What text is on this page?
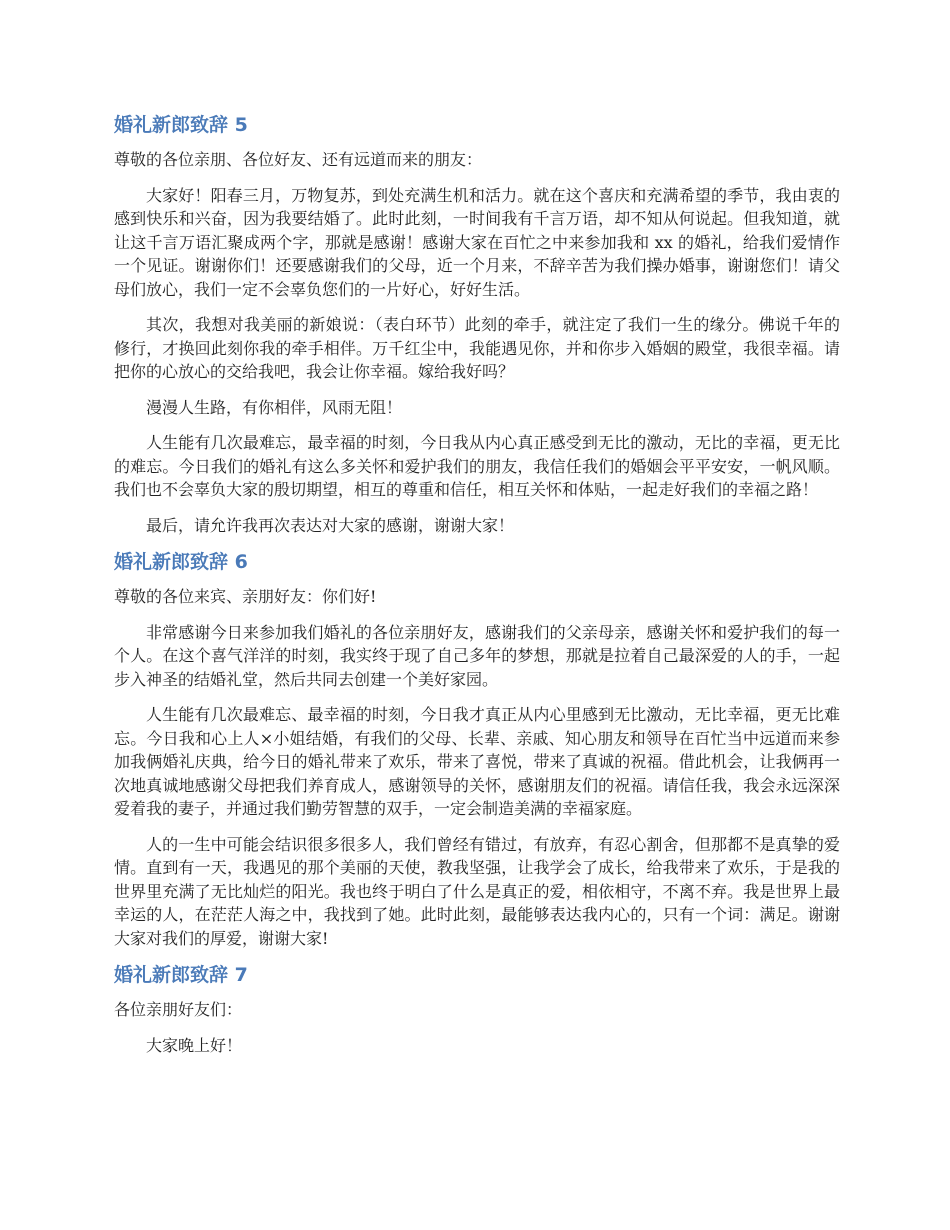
婚礼新郎致辞 5

尊敬的各位亲朋、各位好友、还有远道而来的朋友：

大家好！阳春三月，万物复苏，到处充满生机和活力。就在这个喜庆和充满希望的季节，我由衷的感到快乐和兴奋，因为我要结婚了。此时此刻，一时间我有千言万语，却不知从何说起。但我知道，就让这千言万语汇聚成两个字，那就是感谢！感谢大家在百忙之中来参加我和 xx 的婚礼，给我们爱情作一个见证。谢谢你们！还要感谢我们的父母，近一个月来，不辞辛苦为我们操办婚事，谢谢您们！请父母们放心，我们一定不会辜负您们的一片好心，好好生活。

其次，我想对我美丽的新娘说：（表白环节）此刻的牵手，就注定了我们一生的缘分。佛说千年的修行，才换回此刻你我的牵手相伴。万千红尘中，我能遇见你，并和你步入婚姻的殿堂，我很幸福。请把你的心放心的交给我吧，我会让你幸福。嫁给我好吗？

漫漫人生路，有你相伴，风雨无阻！

人生能有几次最难忘，最幸福的时刻，今日我从内心真正感受到无比的激动，无比的幸福，更无比的难忘。今日我们的婚礼有这么多关怀和爱护我们的朋友，我信任我们的婚姻会平平安安，一帆风顺。我们也不会辜负大家的殷切期望，相互的尊重和信任，相互关怀和体贴，一起走好我们的幸福之路！

最后，请允许我再次表达对大家的感谢，谢谢大家！

婚礼新郎致辞 6

尊敬的各位来宾、亲朋好友：你们好!

非常感谢今日来参加我们婚礼的各位亲朋好友，感谢我们的父亲母亲，感谢关怀和爱护我们的每一个人。在这个喜气洋洋的时刻，我实终于现了自己多年的梦想，那就是拉着自己最深爱的人的手，一起步入神圣的结婚礼堂，然后共同去创建一个美好家园。

人生能有几次最难忘、最幸福的时刻，今日我才真正从内心里感到无比激动，无比幸福，更无比难忘。今日我和心上人×小姐结婚，有我们的父母、长辈、亲戚、知心朋友和领导在百忙当中远道而来参加我俩婚礼庆典，给今日的婚礼带来了欢乐，带来了喜悦，带来了真诚的祝福。借此机会，让我俩再一次地真诚地感谢父母把我们养育成人，感谢领导的关怀，感谢朋友们的祝福。请信任我，我会永远深深爱着我的妻子，并通过我们勤劳智慧的双手，一定会制造美满的幸福家庭。

人的一生中可能会结识很多很多人，我们曾经有错过，有放弃，有忍心割舍，但那都不是真挚的爱情。直到有一天，我遇见的那个美丽的天使，教我坚强，让我学会了成长，给我带来了欢乐，于是我的世界里充满了无比灿烂的阳光。我也终于明白了什么是真正的爱，相依相守，不离不弃。我是世界上最幸运的人，在茫茫人海之中，我找到了她。此时此刻，最能够表达我内心的，只有一个词：满足。谢谢大家对我们的厚爱，谢谢大家!

婚礼新郎致辞 7

各位亲朋好友们：

大家晚上好！
